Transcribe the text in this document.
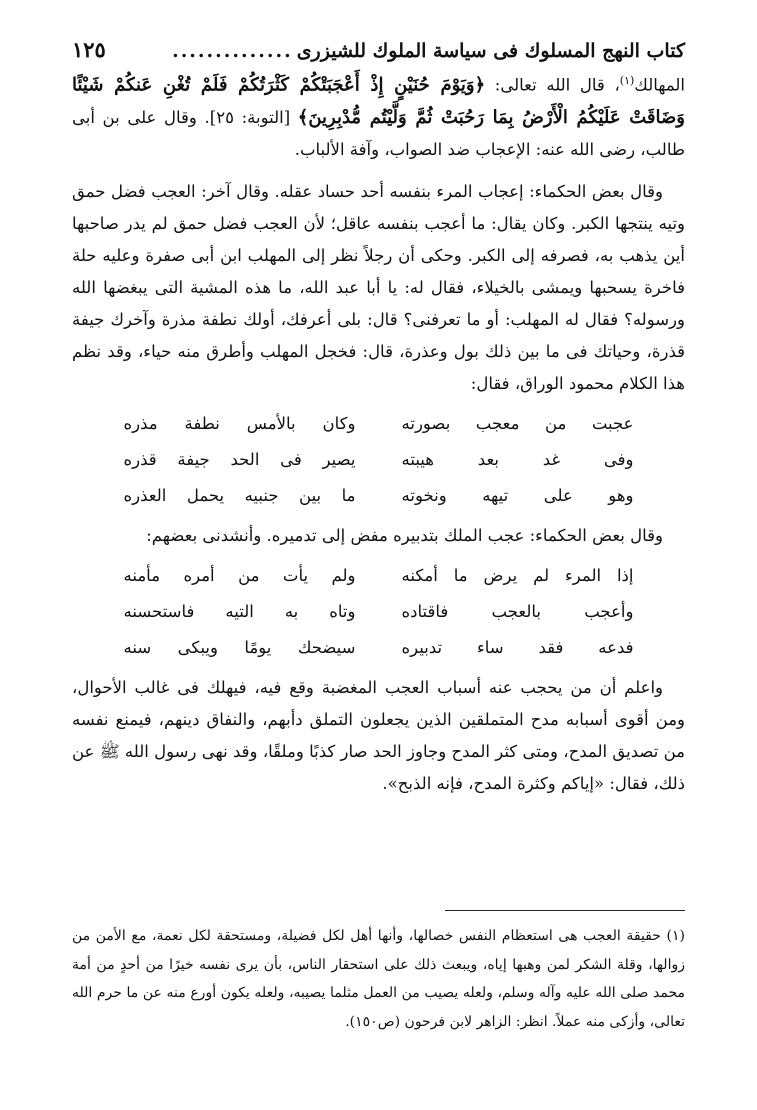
كتاب النهج المسلوك فى سياسة الملوك للشيزرى
..............
١٢٥

المهالك$^{(١)}$، قال الله تعالى: ﴿وَيَوْمَ حُنَيْنٍ إِذْ أَعْجَبَتْكُمْ كَثْرَتُكُمْ فَلَمْ تُغْنِ عَنكُمْ شَيْئًا وَضَاقَتْ عَلَيْكُمُ الْأَرْضُ بِمَا رَحُبَتْ ثُمَّ وَلَّيْتُم مُّدْبِرِينَ﴾ [التوبة: ٢٥]. وقال على بن أبى طالب، رضى الله عنه: الإعجاب ضد الصواب، وآفة الألباب.

وقال بعض الحكماء: إعجاب المرء بنفسه أحد حساد عقله. وقال آخر: العجب فضل حمق وتيه ينتجها الكبر. وكان يقال: ما أعجب بنفسه عاقل؛ لأن العجب فضل حمق لم يدر صاحبها أين يذهب به، فصرفه إلى الكبر. وحكى أن رجلاً نظر إلى المهلب ابن أبى صفرة وعليه حلة فاخرة يسحبها ويمشى بالخيلاء، فقال له: يا أبا عبد الله، ما هذه المشية التى يبغضها الله ورسوله؟ فقال له المهلب: أو ما تعرفنى؟ قال: بلى أعرفك، أولك نطفة مذرة وآخرك جيفة قذرة، وحياتك فى ما بين ذلك بول وعذرة، قال: فخجل المهلب وأطرق منه حياء، وقد نظم هذا الكلام محمود الوراق، فقال:

عجبت من معجب بصورته
وكان بالأمس نطفة مذره
وفى غد بعد هيبته
يصير فى الحد جيفة قذره
وهو على تيهه ونخوته
ما بين جنبيه يحمل العذره

وقال بعض الحكماء: عجب الملك بتدبيره مفض إلى تدميره. وأنشدنى بعضهم:

إذا المرء لم يرض ما أمكنه
ولم يأت من أمره مأمنه
وأعجب بالعجب فاقتاده
وتاه به التيه فاستحسنه
فدعه فقد ساء تدبيره
سيضحك يومًا ويبكى سنه

واعلم أن من يحجب عنه أسباب العجب المغضبة وقع فيه، فيهلك فى غالب الأحوال، ومن أقوى أسبابه مدح المتملقين الذين يجعلون التملق دأبهم، والنفاق دينهم، فيمنع نفسه من تصديق المدح، ومتى كثر المدح وجاوز الحد صار كذبًا وملقًا، وقد نهى رسول الله ﷺ عن ذلك، فقال: «إياكم وكثرة المدح، فإنه الذبح».

(١) حقيقة العجب هى استعظام النفس خصالها، وأنها أهل لكل فضيلة، ومستحقة لكل نعمة، مع الأمن من زوالها، وقلة الشكر لمن وهبها إياه، ويبعث ذلك على استحقار الناس، بأن يرى نفسه خيرًا من أحدٍ من أمة محمد صلى الله عليه وآله وسلم، ولعله يصيب من العمل مثلما يصيبه، ولعله يكون أورع منه عن ما حرم الله تعالى، وأزكى منه عملاً. انظر: الزاهر لابن فرحون (ص١٥٠).
